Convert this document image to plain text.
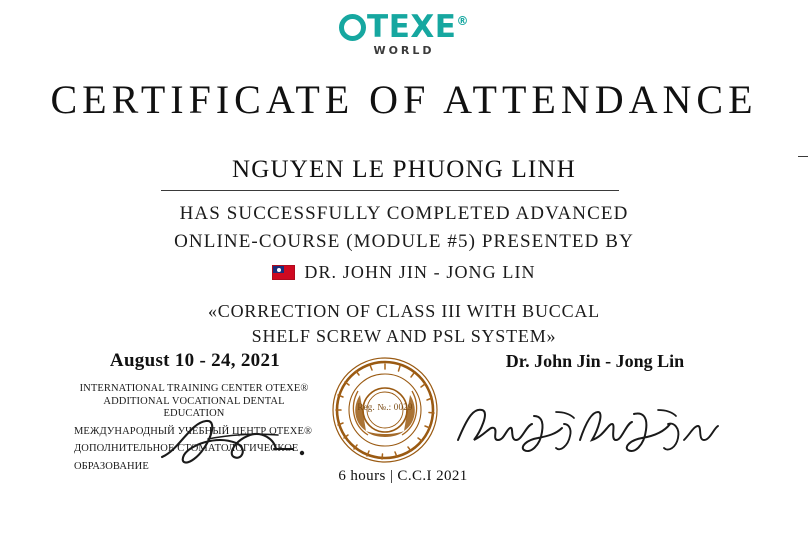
TEXE®
WORLD
CERTIFICATE OF ATTENDANCE
NGUYEN LE PHUONG LINH
HAS SUCCESSFULLY COMPLETED ADVANCED
ONLINE-COURSE (MODULE #5) PRESENTED BY
DR. JOHN JIN - JONG LIN
«CORRECTION OF CLASS III WITH BUCCAL
SHELF SCREW AND PSL SYSTEM»
August 10 - 24, 2021
INTERNATIONAL TRAINING CENTER OTEXE®
ADDITIONAL VOCATIONAL DENTAL EDUCATION
МЕЖДУНАРОДНЫЙ УЧЕБНЫЙ ЦЕНТР OTEXE®
ДОПОЛНИТЕЛЬНОЕ СТОМАТОЛОГИЧЕСКОЕ
ОБРАЗОВАНИЕ
Reg. №.: 0029
6 hours | C.C.I 2021
Dr. John Jin - Jong Lin
